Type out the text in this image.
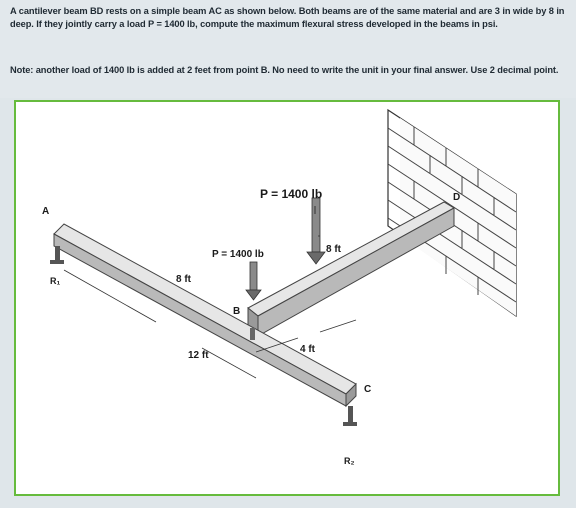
A cantilever beam BD rests on a simple beam AC as shown below. Both beams are of the same material and are 3 in wide by 8 in deep. If they jointly carry a load P = 1400 lb, compute the maximum flexural stress developed in the beams in psi.
Note: another load of 1400 lb is added at 2 feet from point B. No need to write the unit in your final answer. Use 2 decimal point.
A
B
C
D
R₁
R₂
P = 1400 lb
P = 1400 lb
8 ft
12 ft
8 ft
4 ft
